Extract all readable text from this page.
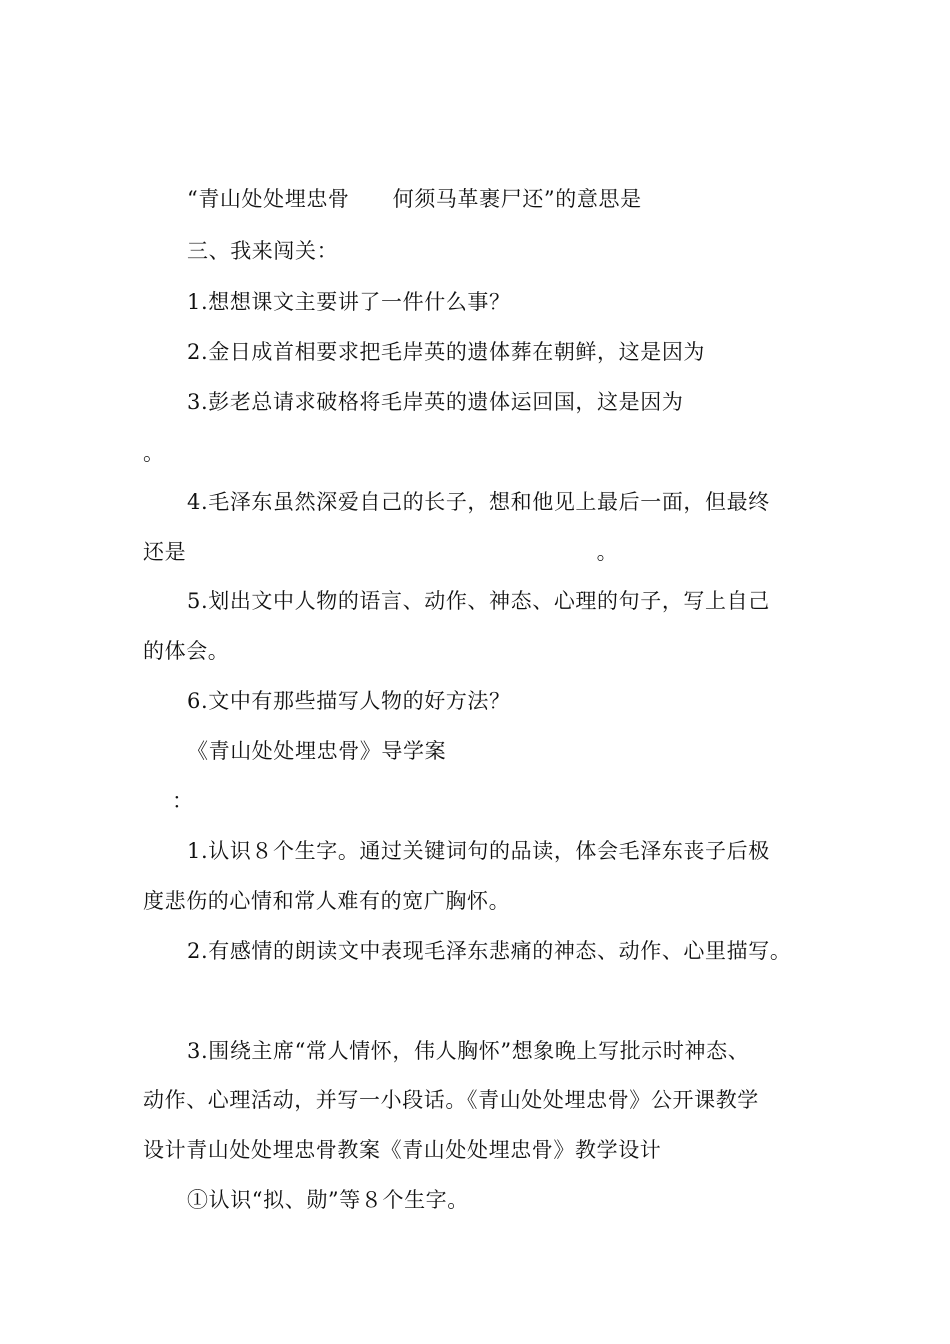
“青山处处埋忠骨　　何须马革裹尸还”的意思是
三、我来闯关：
1.想想课文主要讲了一件什么事？
2.金日成首相要求把毛岸英的遗体葬在朝鲜，这是因为
3.彭老总请求破格将毛岸英的遗体运回国，这是因为
。
4.毛泽东虽然深爱自己的长子，想和他见上最后一面，但最终
还是　　　　　　　　　　　　　　　　　　　。
5.划出文中人物的语言、动作、神态、心理的句子，写上自己
的体会。
6.文中有那些描写人物的好方法？
《青山处处埋忠骨》导学案
：
1.认识８个生字。通过关键词句的品读，体会毛泽东丧子后极
度悲伤的心情和常人难有的宽广胸怀。
2.有感情的朗读文中表现毛泽东悲痛的神态、动作、心里描写。
3.围绕主席“常人情怀，伟人胸怀”想象晚上写批示时神态、
动作、心理活动，并写一小段话。《青山处处埋忠骨》公开课教学
设计青山处处埋忠骨教案《青山处处埋忠骨》教学设计
①认识“拟、勋”等８个生字。
